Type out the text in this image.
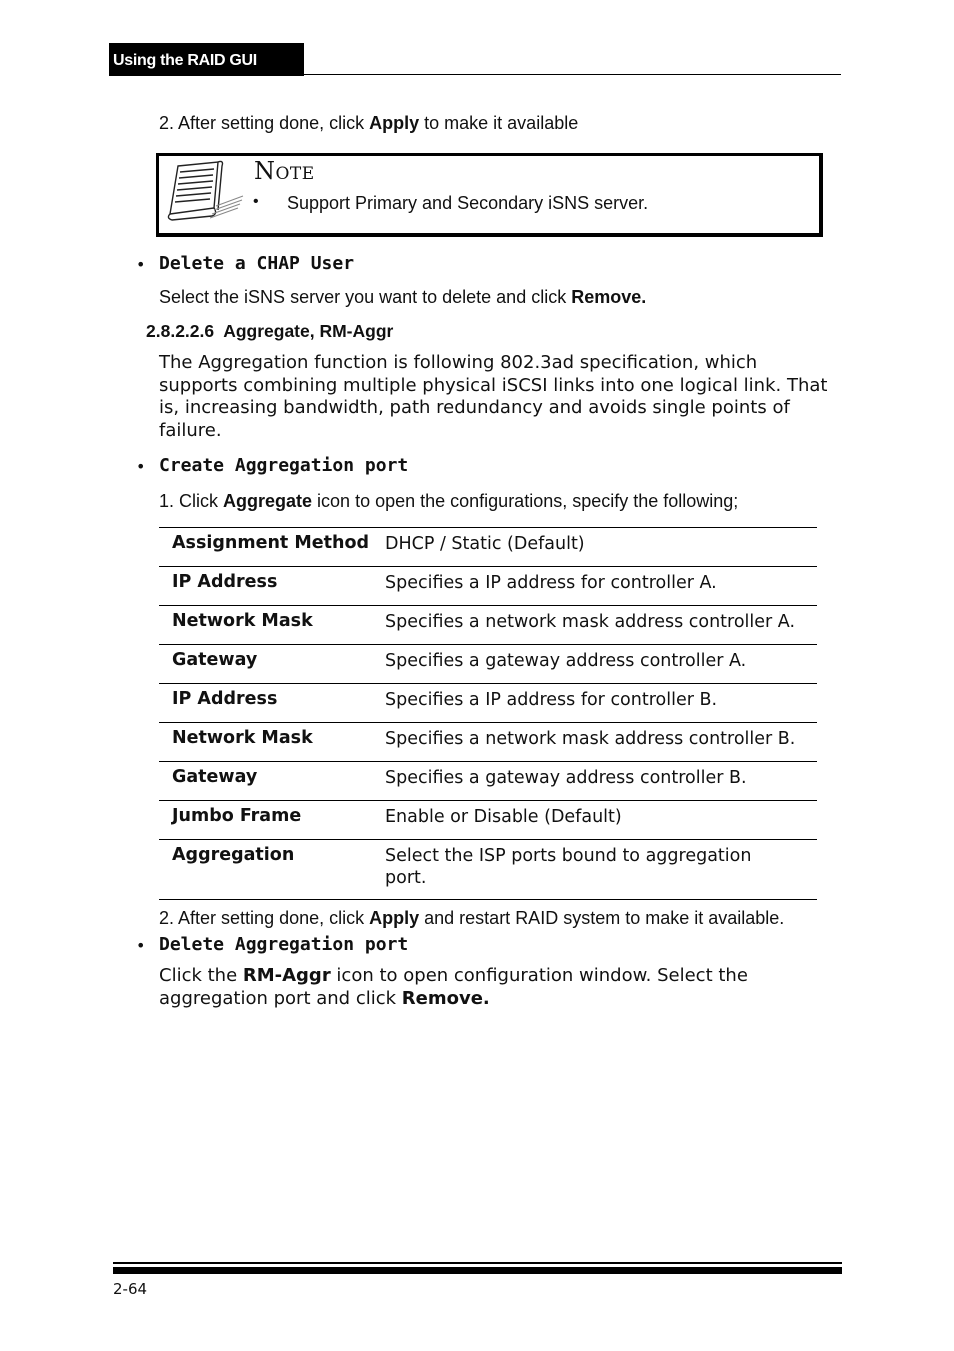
Using the RAID GUI
2. After setting done, click Apply to make it available
Note
• Support Primary and Secondary iSNS server.
• Delete a CHAP User
Select the iSNS server you want to delete and click Remove.
2.8.2.2.6 Aggregate, RM-Aggr
The Aggregation function is following 802.3ad specification, which
supports combining multiple physical iSCSI links into one logical link. That
is, increasing bandwidth, path redundancy and avoids single points of
failure.
• Create Aggregation port
1. Click Aggregate icon to open the configurations, specify the following;
Assignment Method DHCP / Static (Default)
IP Address	Specifies a IP address for controller A.
Network Mask	Specifies a network mask address controller A.
Gateway	Specifies a gateway address controller A.
IP Address	Specifies a IP address for controller B.
Network Mask	Specifies a network mask address controller B.
Gateway	Specifies a gateway address controller B.
Jumbo Frame	Enable or Disable (Default)
Aggregation	Select the ISP ports bound to aggregation
port.
2. After setting done, click Apply and restart RAID system to make it available.
• Delete Aggregation port
Click the RM-Aggr icon to open configuration window. Select the
aggregation port and click Remove.
2-64
